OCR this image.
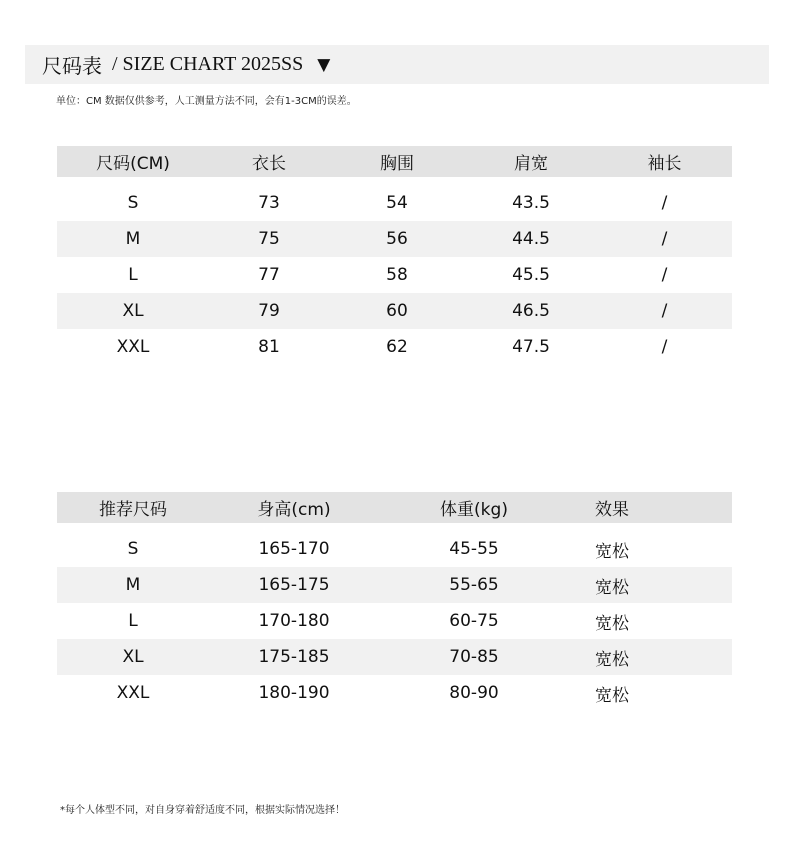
尺码表 / SIZE CHART 2025SS ▼
单位：CM 数据仅供参考，人工测量方法不同，会有1-3CM的误差。
尺码(CM)	衣长	胸围	肩宽	袖长

S	73	54	43.5	/
M	75	56	44.5	/
L	77	58	45.5	/
XL	79	60	46.5	/
XXL	81	62	47.5	/
推荐尺码	身高(cm)	体重(kg)	效果

S	165-170	45-55	宽松
M	165-175	55-65	宽松
L	170-180	60-75	宽松
XL	175-185	70-85	宽松
XXL	180-190	80-90	宽松
*每个人体型不同，对自身穿着舒适度不同，根据实际情况选择！
